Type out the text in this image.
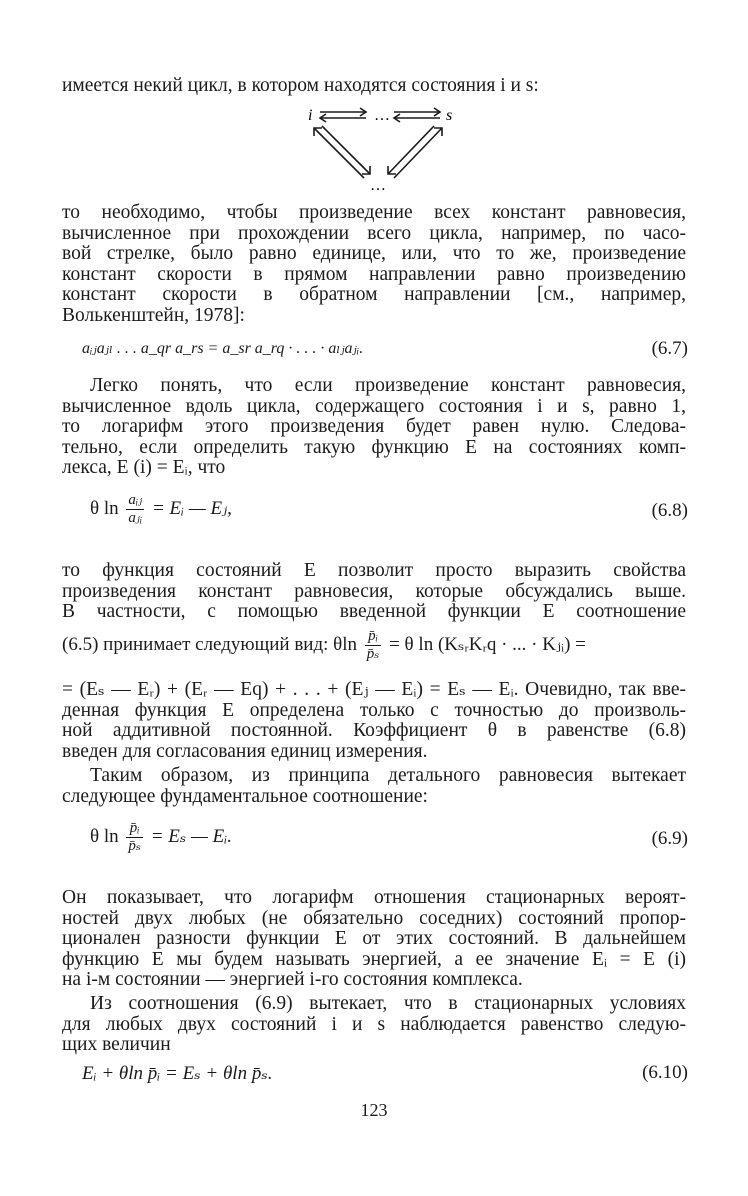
имеется некий цикл, в котором находятся состояния i и s:

i	s
…
…

то необходимо, чтобы произведение всех констант равновесия,
вычисленное при прохождении всего цикла, например, по часо-
вой стрелке, было равно единице, или, что то же, произведение
констант скорости в прямом направлении равно произведению
констант скорости в обратном направлении [см., например,
Волькенштейн, 1978]:

aᵢⱼaⱼₗ . . . a_qr a_rs = a_sr a_rq · . . . · aₗⱼaⱼᵢ.	(6.7)

Легко понять, что если произведение констант равновесия,
вычисленное вдоль цикла, содержащего состояния i и s, равно 1,
то логарифм этого произведения будет равен нулю. Следова-
тельно, если определить такую функцию E на состояниях комп-
лекса, E (i) = Eᵢ, что

θ $\ln \frac{\text{aᵢⱼ}}{\text{aⱼᵢ}}$ = Eᵢ — Eⱼ,	(6.8)

то функция состояний E позволит просто выразить свойства
произведения констант равновесия, которые обсуждались выше.
В частности, с помощью введенной функции E соотношение

(6.5) принимает следующий вид: θln $\frac{\text{p̄ᵢ}}{\text{p̄ₛ}} = \theta$ ln (KₛᵣKᵣq · ... · Kⱼᵢ) =

= (Eₛ — Eᵣ) + (Eᵣ — Eq) + . . . + (Eⱼ — Eᵢ) = Eₛ — Eᵢ. Очевидно, так вве-
денная функция E определена только с точностью до произволь-
ной аддитивной постоянной. Коэффициент θ в равенстве (6.8)
введен для согласования единиц измерения.

Таким образом, из принципа детального равновесия вытекает
следующее фундаментальное соотношение:

θ $\ln \frac{\text{p̄ᵢ}}{\text{p̄ₛ}} = E_s$ — Eᵢ.	(6.9)

Он показывает, что логарифм отношения стационарных вероят-
ностей двух любых (не обязательно соседних) состояний пропор-
ционален разности функции E от этих состояний. В дальнейшем
функцию E мы будем называть энергией, а ее значение Eᵢ = E (i)
на i-м состоянии — энергией i-го состояния комплекса.

Из соотношения (6.9) вытекает, что в стационарных условиях
для любых двух состояний i и s наблюдается равенство следую-
щих величин

Eᵢ + θln p̄ᵢ = Eₛ + θln p̄ₛ.	(6.10)
123
